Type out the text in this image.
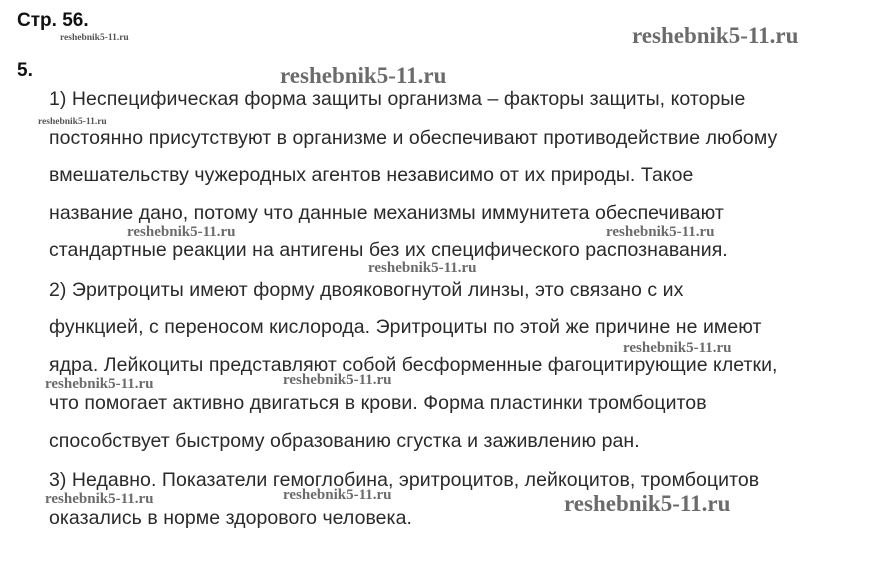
Стр. 56.
5.
1) Неспецифическая форма защиты организма – факторы защиты, которые
постоянно присутствуют в организме и обеспечивают противодействие любому
вмешательству чужеродных агентов независимо от их природы. Такое
название дано, потому что данные механизмы иммунитета обеспечивают
стандартные реакции на антигены без их специфического распознавания.
2) Эритроциты имеют форму двояковогнутой линзы, это связано с их
функцией, с переносом кислорода. Эритроциты по этой же причине не имеют
ядра. Лейкоциты представляют собой бесформенные фагоцитирующие клетки,
что помогает активно двигаться в крови. Форма пластинки тромбоцитов
способствует быстрому образованию сгустка и заживлению ран.
3) Недавно. Показатели гемоглобина, эритроцитов, лейкоцитов, тромбоцитов
оказались в норме здорового человека.
reshebnik5-11.ru	reshebnik5-11.ru
reshebnik5-11.ru
reshebnik5-11.ru
reshebnik5-11.ru	reshebnik5-11.ru
reshebnik5-11.ru
reshebnik5-11.ru
reshebnik5-11.ru
reshebnik5-11.ru
reshebnik5-11.ru	reshebnik5-11.ru	reshebnik5-11.ru
